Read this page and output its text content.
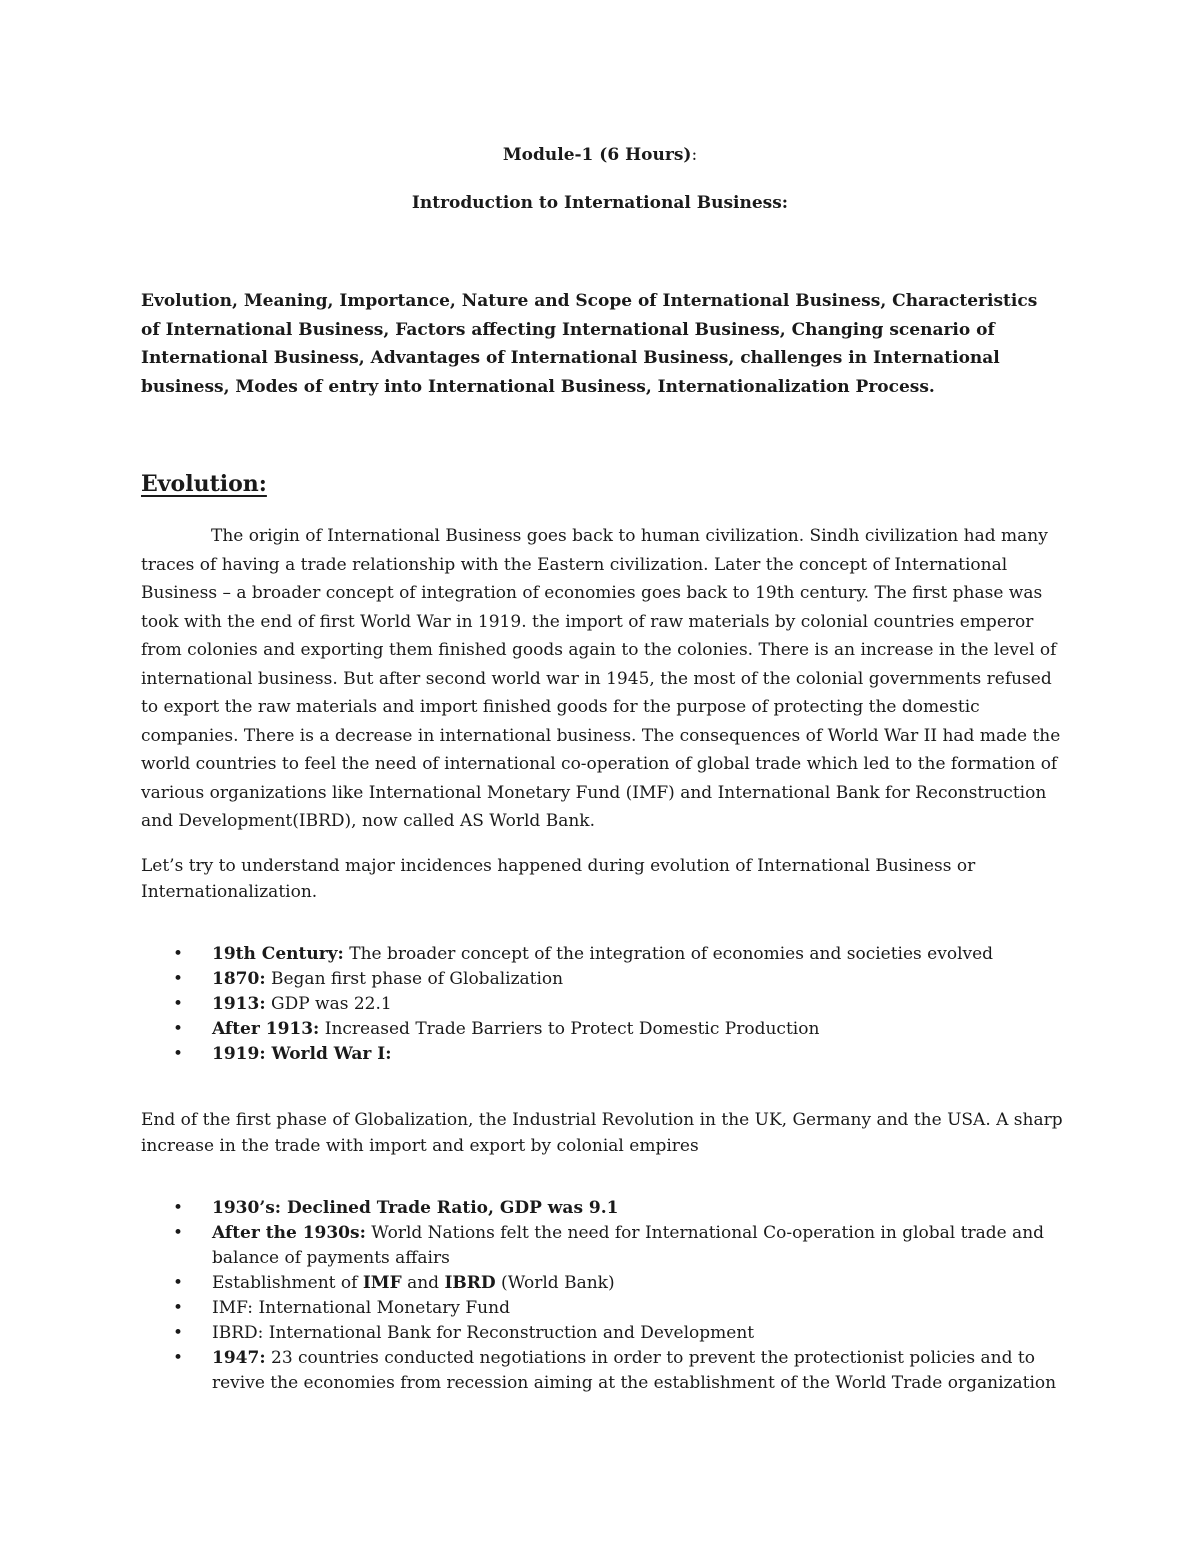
Module-1 (6 Hours):
Introduction to International Business:
Evolution, Meaning, Importance, Nature and Scope of International Business, Characteristics of International Business, Factors affecting International Business, Changing scenario of International Business, Advantages of International Business, challenges in International business, Modes of entry into International Business, Internationalization Process.
Evolution:
The origin of International Business goes back to human civilization. Sindh civilization had many traces of having a trade relationship with the Eastern civilization. Later the concept of International Business – a broader concept of integration of economies goes back to 19th century. The first phase was took with the end of first World War in 1919. the import of raw materials by colonial countries emperor from colonies and exporting them finished goods again to the colonies. There is an increase in the level of international business. But after second world war in 1945, the most of the colonial governments refused to export the raw materials and import finished goods for the purpose of protecting the domestic companies. There is a decrease in international business. The consequences of World War II had made the world countries to feel the need of international co-operation of global trade which led to the formation of various organizations like International Monetary Fund (IMF) and International Bank for Reconstruction and Development(IBRD), now called AS World Bank.
Let’s try to understand major incidences happened during evolution of International Business or Internationalization.
• 19th Century: The broader concept of the integration of economies and societies evolved
• 1870: Began first phase of Globalization
• 1913: GDP was 22.1
• After 1913: Increased Trade Barriers to Protect Domestic Production
• 1919: World War I:
End of the first phase of Globalization, the Industrial Revolution in the UK, Germany and the USA. A sharp increase in the trade with import and export by colonial empires
• 1930’s: Declined Trade Ratio, GDP was 9.1
• After the 1930s: World Nations felt the need for International Co-operation in global trade and balance of payments affairs
• Establishment of IMF and IBRD (World Bank)
• IMF: International Monetary Fund
• IBRD: International Bank for Reconstruction and Development
• 1947: 23 countries conducted negotiations in order to prevent the protectionist policies and to revive the economies from recession aiming at the establishment of the World Trade organization
